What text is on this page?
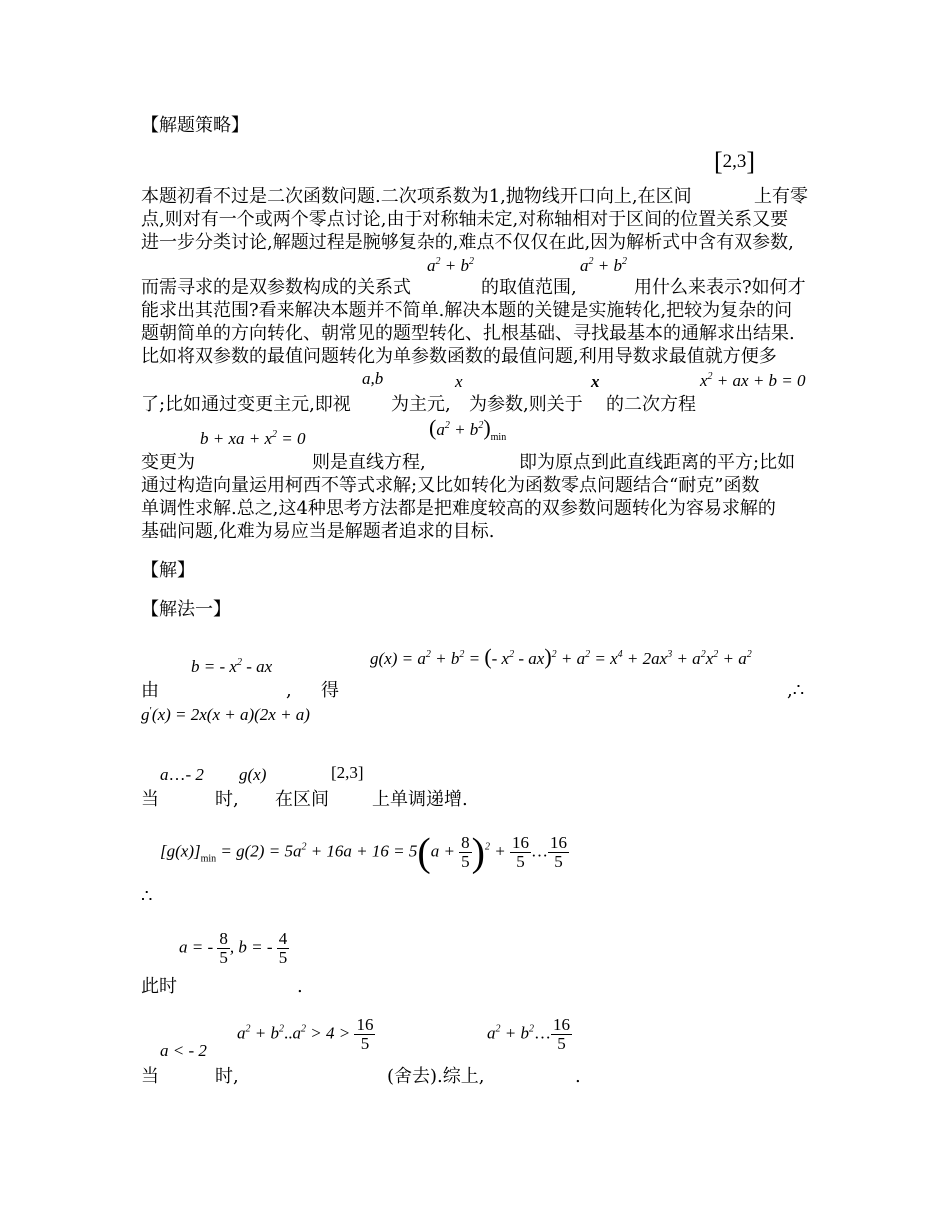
【解题策略】
[2,3]
本题初看不过是二次函数问题.二次项系数为1,抛物线开口向上,在区间	上有零
点,则对有一个或两个零点讨论,由于对称轴未定,对称轴相对于区间的位置关系又要
进一步分类讨论,解题过程是腕够复杂的,难点不仅仅在此,因为解析式中含有双参数,
$a^2 + b^2$	$a^2 + b^2$
而需寻求的是双参数构成的关系式	的取值范围,	用什么来表示?如何才
能求出其范围?看来解决本题并不简单.解决本题的关键是实施转化,把较为复杂的问
题朝简单的方向转化、朝常见的题型转化、扎根基础、寻找最基本的通解求出结果.
比如将双参数的最值问题转化为单参数函数的最值问题,利用导数求最值就方便多
a,b	x	x	$x^2$ + ax + b = 0
了;比如通过变更主元,即视 为主元, 为参数,则关于 的二次方程
b + xa + $x^2 = 0$	$(a^2 + b^2)_{min}$
变更为	则是直线方程,	即为原点到此直线距离的平方;比如
通过构造向量运用柯西不等式求解;又比如转化为函数零点问题结合“耐克”函数
单调性求解.总之,这4种思考方法都是把难度较高的双参数问题转化为容易求解的
基础问题,化难为易应当是解题者追求的目标.
【解】
【解法一】
b = - $x^2$ - ax	$g(x) = a^2 + b^2$ = (- $x^2 - ax)^2 + a^2 = x^4 + 2ax^3 + a^2x^2 + a^2$
由	, 得	,∴
g′(x) = 2x(x + a)(2x + a)
a…- 2 g(x)	[2,3]
当	时, 在区间 上单调递增.
$[g(x)]_{min} = g(2) = 5a^2 + 16a + 16 = 5(a + \frac{8}{5} )^2 + \frac{16}{5}$ … $\frac{16}{5}$
∴
a = - $\frac{8}{5}$ , b = - $\frac{4}{5}$
此时	.
a < - 2
$a^2 + b^2..a^2 > 4 > \frac{16}{5}$	$a^2$ + $b^2\dots \frac{16}{5}$
当	时,	(舍去).综上,	.
